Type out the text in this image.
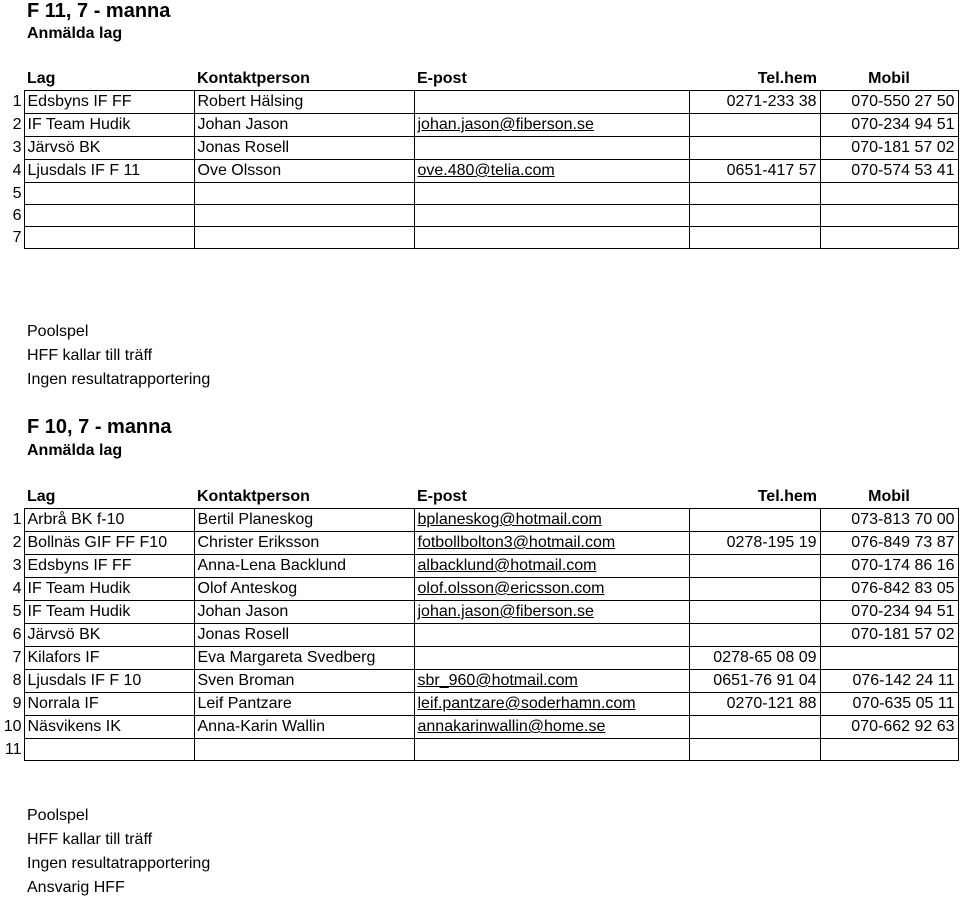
F 11, 7 - manna
Anmälda lag
	Lag	Kontaktperson	E-post	Tel.hem	Mobil
1	Edsbyns IF FF	Robert Hälsing		0271-233 38	070-550 27 50
2	IF Team Hudik	Johan Jason	johan.jason@fiberson.se		070-234 94 51
3	Järvsö BK	Jonas Rosell			070-181 57 02
4	Ljusdals IF F 11	Ove Olsson	ove.480@telia.com	0651-417 57	070-574 53 41
5					
6					
7					
Poolspel
HFF kallar till träff
Ingen resultatrapportering
F 10, 7 - manna
Anmälda lag
	Lag	Kontaktperson	E-post	Tel.hem	Mobil
1	Arbrå BK f-10	Bertil Planeskog	bplaneskog@hotmail.com		073-813 70 00
2	Bollnäs GIF FF F10	Christer Eriksson	fotbollbolton3@hotmail.com	0278-195 19	076-849 73 87
3	Edsbyns IF FF	Anna-Lena Backlund	albacklund@hotmail.com		070-174 86 16
4	IF Team Hudik	Olof Anteskog	olof.olsson@ericsson.com		076-842 83 05
5	IF Team Hudik	Johan Jason	johan.jason@fiberson.se		070-234 94 51
6	Järvsö BK	Jonas Rosell			070-181 57 02
7	Kilafors IF	Eva Margareta Svedberg		0278-65 08 09	
8	Ljusdals IF F 10	Sven Broman	sbr_960@hotmail.com	0651-76 91 04	076-142 24 11
9	Norrala IF	Leif Pantzare	leif.pantzare@soderhamn.com	0270-121 88	070-635 05 11
10	Näsvikens IK	Anna-Karin Wallin	annakarinwallin@home.se		070-662 92 63
11					
Poolspel
HFF kallar till träff
Ingen resultatrapportering
Ansvarig HFF
